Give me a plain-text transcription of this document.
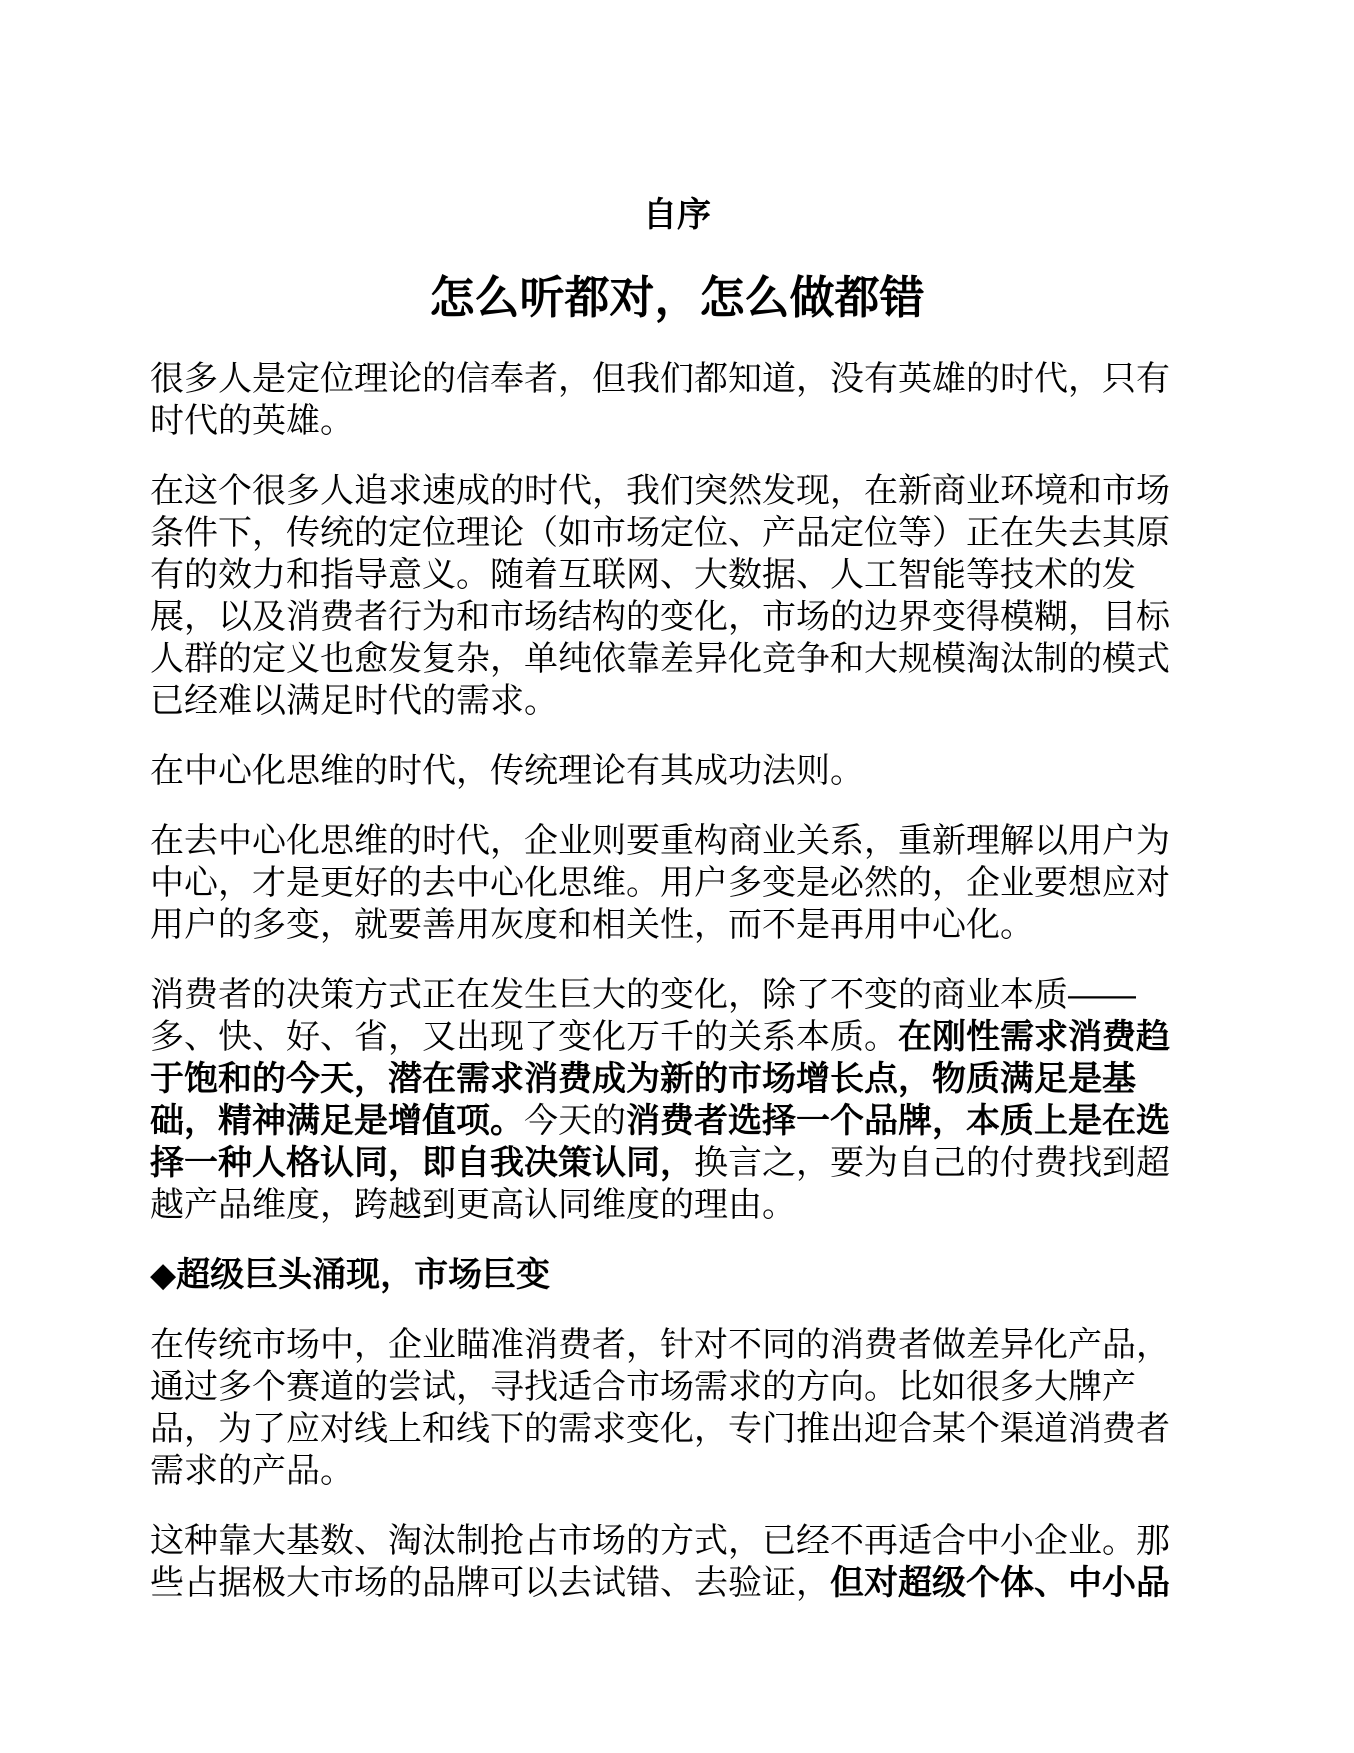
自序
怎么听都对，怎么做都错

很多人是定位理论的信奉者，但我们都知道，没有英雄的时代，只有时代的英雄。

在这个很多人追求速成的时代，我们突然发现，在新商业环境和市场条件下，传统的定位理论（如市场定位、产品定位等）正在失去其原有的效力和指导意义。随着互联网、大数据、人工智能等技术的发展，以及消费者行为和市场结构的变化，市场的边界变得模糊，目标人群的定义也愈发复杂，单纯依靠差异化竞争和大规模淘汰制的模式已经难以满足时代的需求。

在中心化思维的时代，传统理论有其成功法则。

在去中心化思维的时代，企业则要重构商业关系，重新理解以用户为中心，才是更好的去中心化思维。用户多变是必然的，企业要想应对用户的多变，就要善用灰度和相关性，而不是再用中心化。

消费者的决策方式正在发生巨大的变化，除了不变的商业本质——多、快、好、省，又出现了变化万千的关系本质。在刚性需求消费趋于饱和的今天，潜在需求消费成为新的市场增长点，物质满足是基础，精神满足是增值项。今天的消费者选择一个品牌，本质上是在选择一种人格认同，即自我决策认同，换言之，要为自己的付费找到超越产品维度，跨越到更高认同维度的理由。

◆超级巨头涌现，市场巨变

在传统市场中，企业瞄准消费者，针对不同的消费者做差异化产品，通过多个赛道的尝试，寻找适合市场需求的方向。比如很多大牌产品，为了应对线上和线下的需求变化，专门推出迎合某个渠道消费者需求的产品。

这种靠大基数、淘汰制抢占市场的方式，已经不再适合中小企业。那些占据极大市场的品牌可以去试错、去验证，但对超级个体、中小品
